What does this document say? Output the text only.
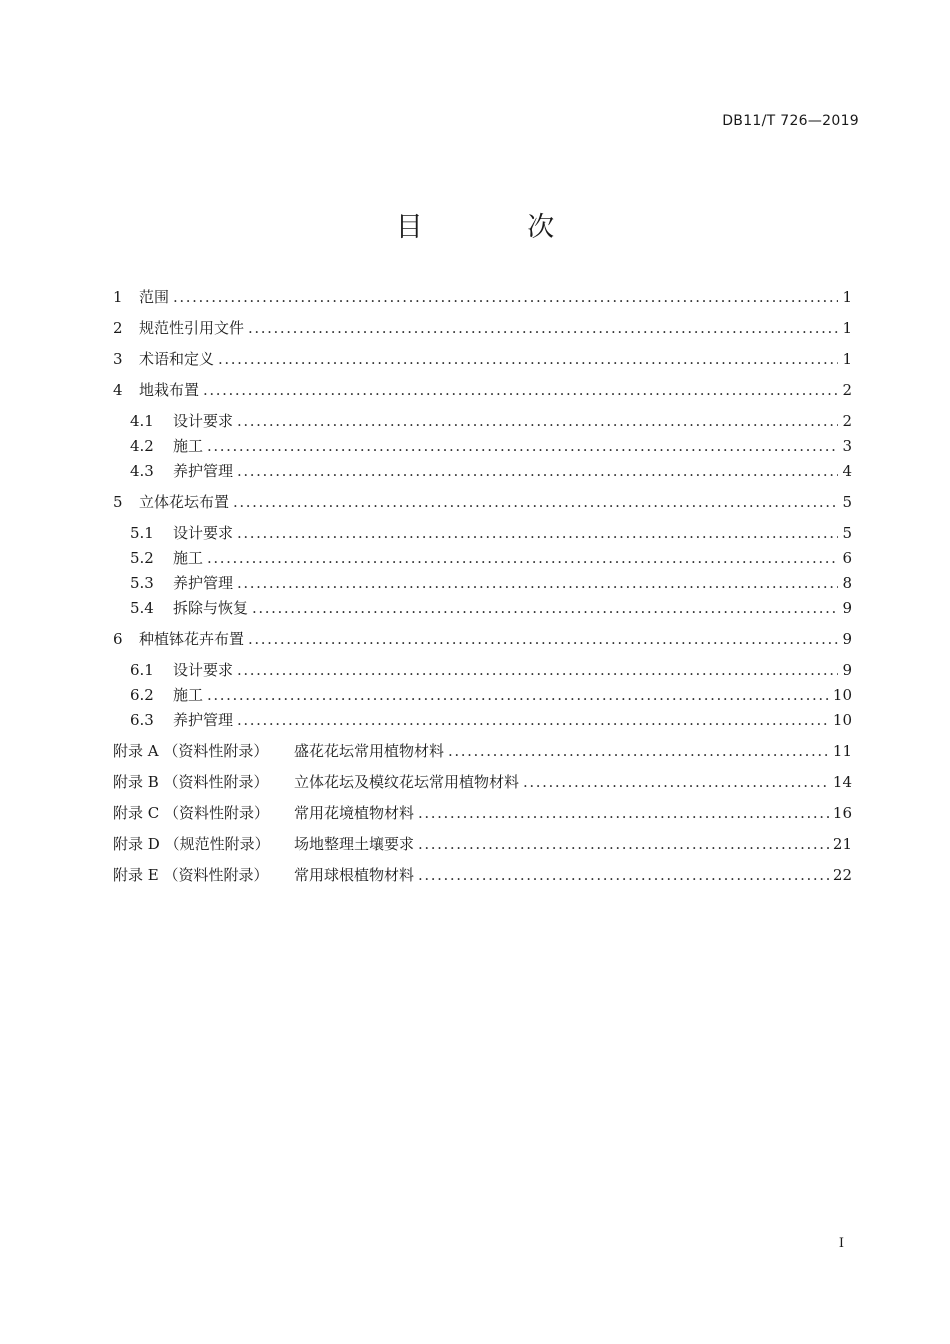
DB11/T 726—2019
目 次
1	范围 .....	1
2	规范性引用文件 .....	1
3	术语和定义 .....	1
4	地栽布置 .....	2
4.1	设计要求 .....	2
4.2	施工 .....	3
4.3	养护管理 .....	4
5	立体花坛布置 .....	5
5.1	设计要求 .....	5
5.2	施工 .....	6
5.3	养护管理 .....	8
5.4	拆除与恢复 .....	9
6	种植钵花卉布置 .....	9
6.1	设计要求 .....	9
6.2	施工 .....	10
6.3	养护管理 .....	10
附录 A （资料性附录）	盛花花坛常用植物材料 .....	11
附录 B （资料性附录）	立体花坛及模纹花坛常用植物材料 .....	14
附录 C （资料性附录）	常用花境植物材料 .....	16
附录 D （规范性附录）	场地整理土壤要求 .....	21
附录 E （资料性附录）	常用球根植物材料 .....	22
I
